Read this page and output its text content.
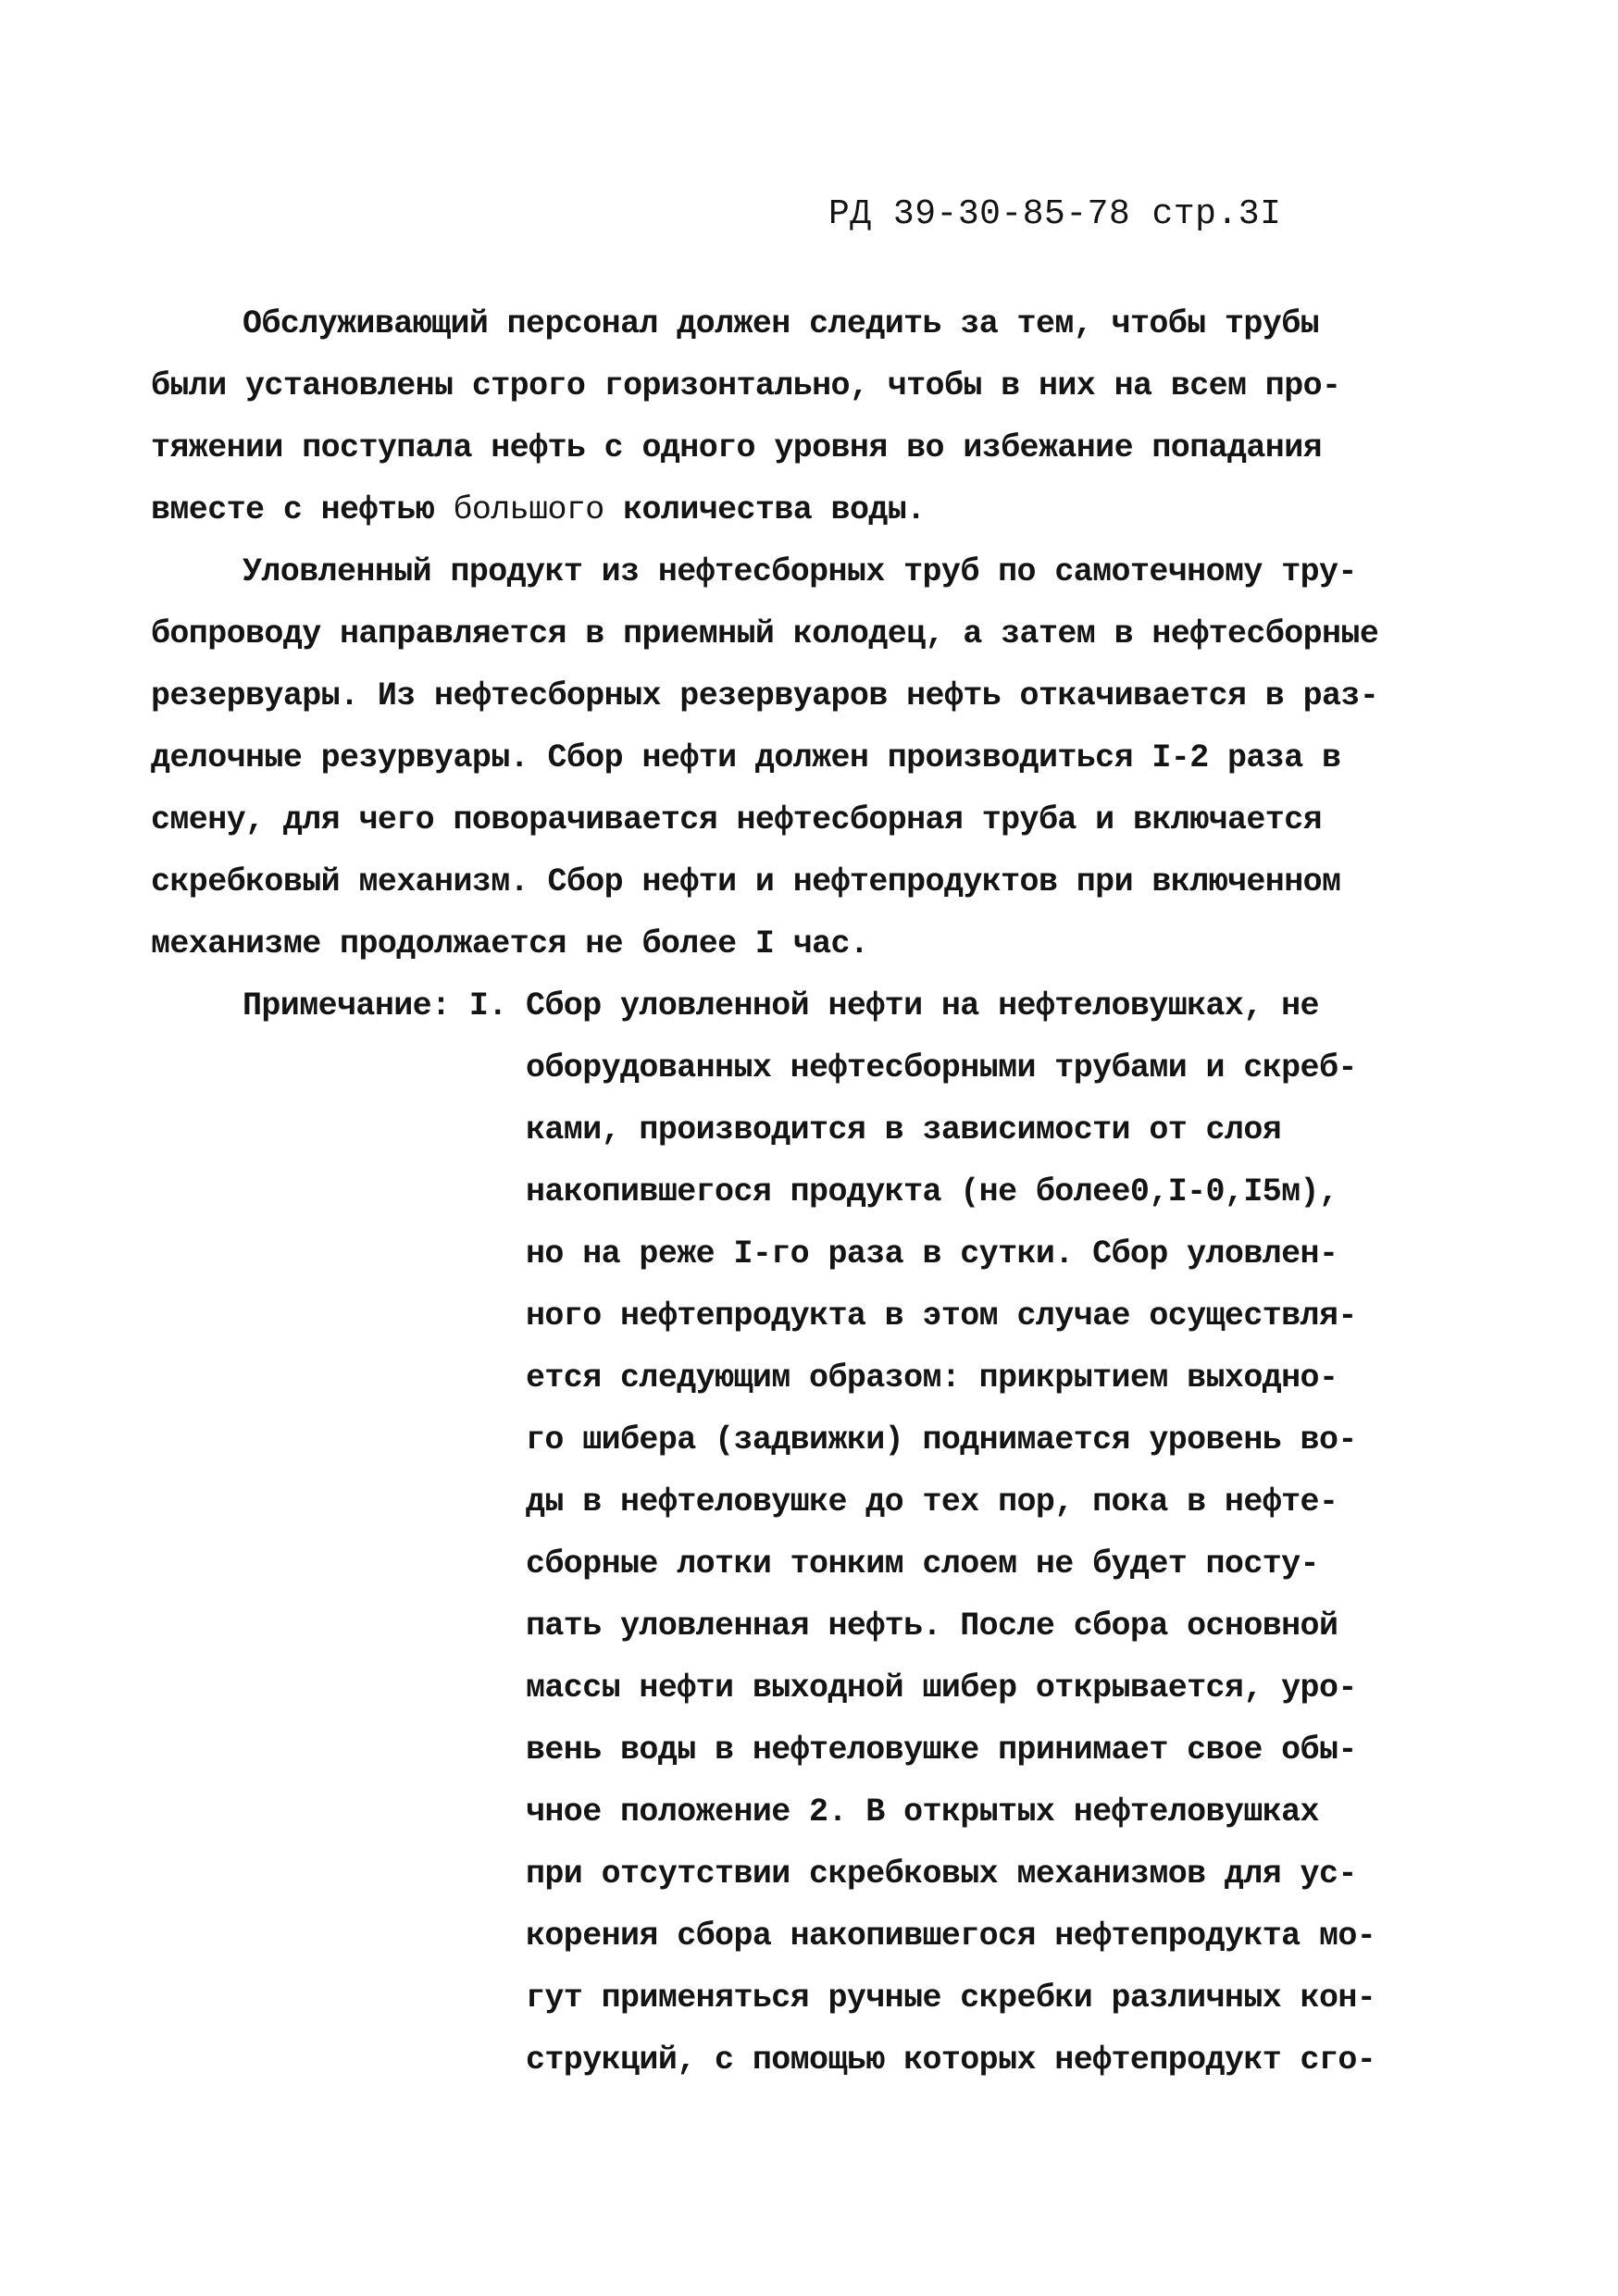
РД 39-30-85-78 стр.3I
Обслуживающий персонал должен следить за тем, чтобы трубы
были установлены строго горизонтально, чтобы в них на всем про-
тяжении поступала нефть с одного уровня во избежание попадания
вместе с нефтью большого количества воды.
Уловленный продукт из нефтесборных труб по самотечному тру-
бопроводу направляется в приемный колодец, а затем в нефтесборные
резервуары. Из нефтесборных резервуаров нефть откачивается в раз-
делочные резурвуары. Сбор нефти должен производиться I-2 раза в
смену, для чего поворачивается нефтесборная труба и включается
скребковый механизм. Сбор нефти и нефтепродуктов при включенном
механизме продолжается не более I час.
Примечание: I. Сбор уловленной нефти на нефтеловушках, не
оборудованных нефтесборными трубами и скреб-
ками, производится в зависимости от слоя
накопившегося продукта (не более0,I-0,I5м),
но на реже I-го раза в сутки. Сбор уловлен-
ного нефтепродукта в этом случае осуществля-
ется следующим образом: прикрытием выходно-
го шибера (задвижки) поднимается уровень во-
ды в нефтеловушке до тех пор, пока в нефте-
сборные лотки тонким слоем не будет посту-
пать уловленная нефть. После сбора основной
массы нефти выходной шибер открывается, уро-
вень воды в нефтеловушке принимает свое обы-
чное положение 2. В открытых нефтеловушках
при отсутствии скребковых механизмов для ус-
корения сбора накопившегося нефтепродукта мо-
гут применяться ручные скребки различных кон-
струкций, с помощью которых нефтепродукт сго-
